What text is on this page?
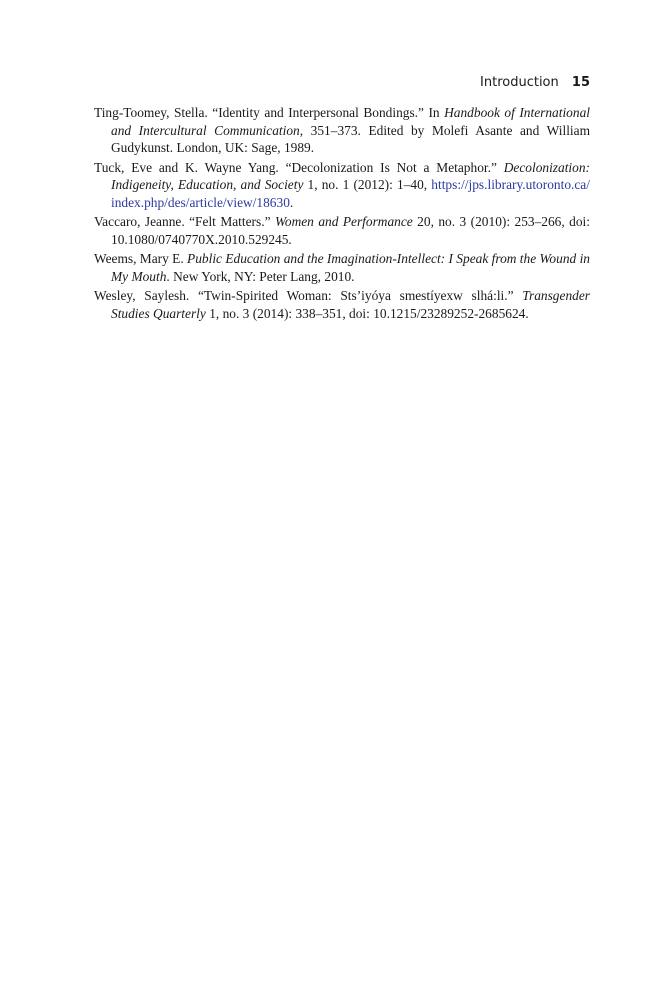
Introduction 15

Ting-Toomey, Stella. “Identity and Interpersonal Bondings.” In Handbook of International and Intercultural Communication, 351–373. Edited by Molefi Asante and William Gudykunst. London, UK: Sage, 1989.

Tuck, Eve and K. Wayne Yang. “Decolonization Is Not a Metaphor.” Decolonization: Indigeneity, Education, and Society 1, no. 1 (2012): 1–40, https://jps.library.utoronto.ca/index.php/des/article/view/18630.

Vaccaro, Jeanne. “Felt Matters.” Women and Performance 20, no. 3 (2010): 253–266, doi: 10.1080/0740770X.2010.529245.

Weems, Mary E. Public Education and the Imagination-Intellect: I Speak from the Wound in My Mouth. New York, NY: Peter Lang, 2010.

Wesley, Saylesh. “Twin-Spirited Woman: Sts’iyóya smestíyexw slhá:li.” Transgender Studies Quarterly 1, no. 3 (2014): 338–351, doi: 10.1215/23289252-2685624.
